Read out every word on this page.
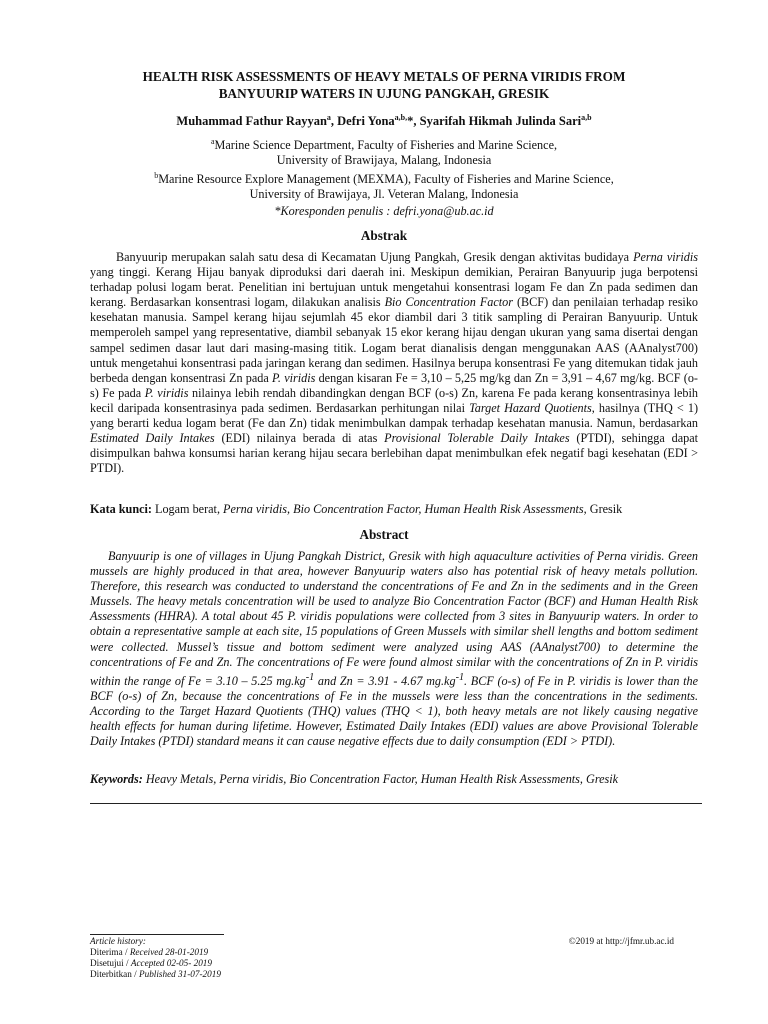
HEALTH RISK ASSESSMENTS OF HEAVY METALS OF PERNA VIRIDIS FROM
BANYUURIP WATERS IN UJUNG PANGKAH, GRESIK
Muhammad Fathur Rayyan$^a$, Defri Yona$^{a,b,}$*, Syarifah Hikmah Julinda Sari$^{a,b}$
$^a$Marine Science Department, Faculty of Fisheries and Marine Science,
University of Brawijaya, Malang, Indonesia
$^b$Marine Resource Explore Management (MEXMA), Faculty of Fisheries and Marine Science,
University of Brawijaya, Jl. Veteran Malang, Indonesia
*Koresponden penulis : defri.yona@ub.ac.id
Abstrak
Banyuurip merupakan salah satu desa di Kecamatan Ujung Pangkah, Gresik dengan aktivitas budidaya Perna viridis yang tinggi. Kerang Hijau banyak diproduksi dari daerah ini. Meskipun demikian, Perairan Banyuurip juga berpotensi terhadap polusi logam berat. Penelitian ini bertujuan untuk mengetahui konsentrasi logam Fe dan Zn pada sedimen dan kerang. Berdasarkan konsentrasi logam, dilakukan analisis Bio Concentration Factor (BCF) dan penilaian terhadap resiko kesehatan manusia. Sampel kerang hijau sejumlah 45 ekor diambil dari 3 titik sampling di Perairan Banyuurip. Untuk memperoleh sampel yang representative, diambil sebanyak 15 ekor kerang hijau dengan ukuran yang sama disertai dengan sampel sedimen dasar laut dari masing-masing titik. Logam berat dianalisis dengan menggunakan AAS (AAnalyst700) untuk mengetahui konsentrasi pada jaringan kerang dan sedimen. Hasilnya berupa konsentrasi Fe yang ditemukan tidak jauh berbeda dengan konsentrasi Zn pada P. viridis dengan kisaran Fe = 3,10 – 5,25 mg/kg dan Zn = 3,91 – 4,67 mg/kg. BCF (o-s) Fe pada P. viridis nilainya lebih rendah dibandingkan dengan BCF (o-s) Zn, karena Fe pada kerang konsentrasinya lebih kecil daripada konsentrasinya pada sedimen. Berdasarkan perhitungan nilai Target Hazard Quotients, hasilnya (THQ < 1) yang berarti kedua logam berat (Fe dan Zn) tidak menimbulkan dampak terhadap kesehatan manusia. Namun, berdasarkan Estimated Daily Intakes (EDI) nilainya berada di atas Provisional Tolerable Daily Intakes (PTDI), sehingga dapat disimpulkan bahwa konsumsi harian kerang hijau secara berlebihan dapat menimbulkan efek negatif bagi kesehatan (EDI > PTDI).
Kata kunci: Logam berat, Perna viridis, Bio Concentration Factor, Human Health Risk Assessments, Gresik
Abstract
Banyuurip is one of villages in Ujung Pangkah District, Gresik with high aquaculture activities of Perna viridis. Green mussels are highly produced in that area, however Banyuurip waters also has potential risk of heavy metals pollution. Therefore, this research was conducted to understand the concentrations of Fe and Zn in the sediments and in the Green Mussels. The heavy metals concentration will be used to analyze Bio Concentration Factor (BCF) and Human Health Risk Assessments (HHRA). A total about 45 P. viridis populations were collected from 3 sites in Banyuurip waters. In order to obtain a representative sample at each site, 15 populations of Green Mussels with similar shell lengths and bottom sediment were collected. Mussel’s tissue and bottom sediment were analyzed using AAS (AAnalyst700) to determine the concentrations of Fe and Zn. The concentrations of Fe were found almost similar with the concentrations of Zn in P. viridis within the range of Fe = 3.10 – 5.25 $mg.kg^{-1}$ and Zn = 3.91 - 4.67 $mg.kg^{-1}$. BCF (o-s) of Fe in P. viridis is lower than the BCF (o-s) of Zn, because the concentrations of Fe in the mussels were less than the concentrations in the sediments. According to the Target Hazard Quotients (THQ) values (THQ < 1), both heavy metals are not likely causing negative health effects for human during lifetime. However, Estimated Daily Intakes (EDI) values are above Provisional Tolerable Daily Intakes (PTDI) standard means it can cause negative effects due to daily consumption (EDI > PTDI).
Keywords: Heavy Metals, Perna viridis, Bio Concentration Factor, Human Health Risk Assessments, Gresik
Article history:
Diterima / Received 28-01-2019
Disetujui / Accepted 02-05- 2019
Diterbitkan / Published 31-07-2019
©2019 at http://jfmr.ub.ac.id
